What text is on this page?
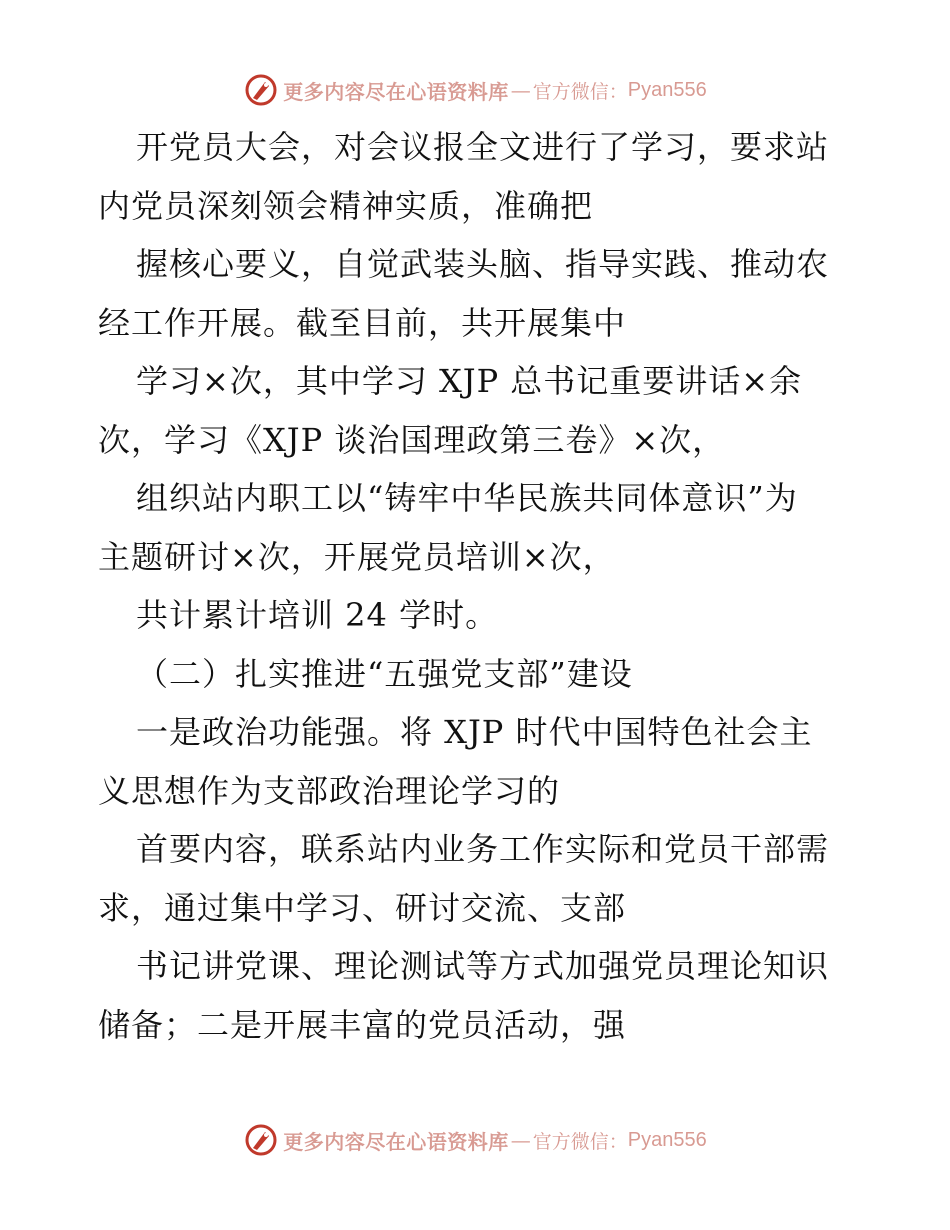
更多内容尽在心语资料库 — 官方微信： Pyan556
开党员大会，对会议报全文进行了学习，要求站
内党员深刻领会精神实质，准确把
握核心要义，自觉武装头脑、指导实践、推动农
经工作开展。截至目前，共开展集中
学习×次，其中学习 XJP 总书记重要讲话×余
次，学习《XJP 谈治国理政第三卷》×次，
组织站内职工以“铸牢中华民族共同体意识”为
主题研讨×次，开展党员培训×次，
共计累计培训 24 学时。
（二）扎实推进“五强党支部”建设
一是政治功能强。将 XJP 时代中国特色社会主
义思想作为支部政治理论学习的
首要内容，联系站内业务工作实际和党员干部需
求，通过集中学习、研讨交流、支部
书记讲党课、理论测试等方式加强党员理论知识
储备；二是开展丰富的党员活动，强
更多内容尽在心语资料库 — 官方微信： Pyan556
